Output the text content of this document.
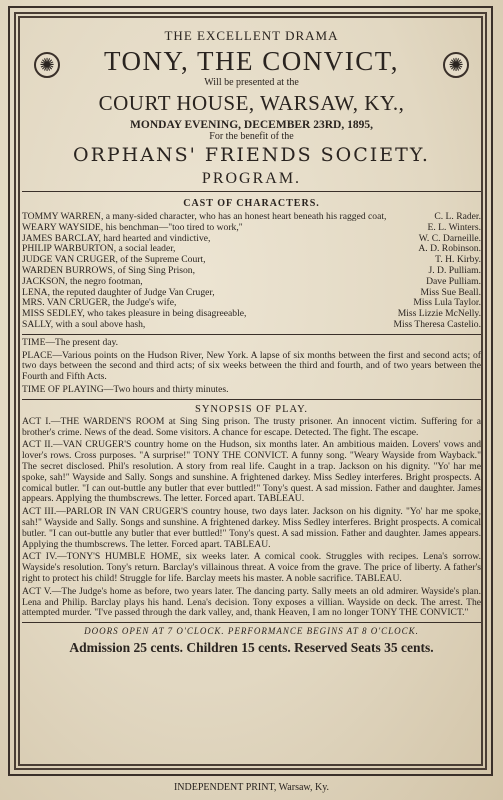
✺	✺
THE EXCELLENT DRAMA
TONY, THE CONVICT,
Will be presented at the
COURT HOUSE, WARSAW, KY.,
MONDAY EVENING, DECEMBER 23RD, 1895,
For the benefit of the
ORPHANS' FRIENDS SOCIETY.
PROGRAM.
CAST OF CHARACTERS.
TOMMY WARREN, a many-sided character, who has an honest heart beneath his ragged coat,	C. L. Rader.
WEARY WAYSIDE, his benchman—"too tired to work,"	E. L. Winters.
JAMES BARCLAY, hard hearted and vindictive,	W. C. Darneille.
PHILIP WARBURTON, a social leader,	A. D. Robinson.
JUDGE VAN CRUGER, of the Supreme Court,	T. H. Kirby.
WARDEN BURROWS, of Sing Sing Prison,	J. D. Pulliam.
JACKSON, the negro footman,	Dave Pulliam.
LENA, the reputed daughter of Judge Van Cruger,	Miss Sue Beall.
MRS. VAN CRUGER, the Judge's wife,	Miss Lula Taylor.
MISS SEDLEY, who takes pleasure in being disagreeable,	Miss Lizzie McNelly.
SALLY, with a soul above hash,	Miss Theresa Castelio.
TIME—The present day.
PLACE—Various points on the Hudson River, New York. A lapse of six months between the first and second acts; of two days between the second and third acts; of six weeks between the third and fourth, and of two years between the Fourth and Fifth Acts.
TIME OF PLAYING—Two hours and thirty minutes.
SYNOPSIS OF PLAY.
ACT I.—THE WARDEN'S ROOM at Sing Sing prison. The trusty prisoner. An innocent victim. Suffering for a brother's crime. News of the dead. Some visitors. A chance for escape. Detected. The fight. The escape.
ACT II.—VAN CRUGER'S country home on the Hudson, six months later. An ambitious maiden. Lovers' vows and lover's rows. Cross purposes. "A surprise!" TONY THE CONVICT. A funny song. "Weary Wayside from Wayback." The secret disclosed. Phil's resolution. A story from real life. Caught in a trap. Jackson on his dignity. "Yo' har me spoke, sah!" Wayside and Sally. Songs and sunshine. A frightened darkey. Miss Sedley interferes. Bright prospects. A comical butler. "I can out-buttle any butler that ever buttled!" Tony's quest. A sad mission. Father and daughter. James appears. Applying the thumbscrews. The letter. Forced apart. TABLEAU.
ACT III.—PARLOR IN VAN CRUGER'S country house, two days later. Jackson on his dignity. "Yo' har me spoke, sah!" Wayside and Sally. Songs and sunshine. A frightened darkey. Miss Sedley interferes. Bright prospects. A comical butler. "I can out-buttle any butler that ever buttled!" Tony's quest. A sad mission. Father and daughter. James appears. Applying the thumbscrews. The letter. Forced apart. TABLEAU.
ACT IV.—TONY'S HUMBLE HOME, six weeks later. A comical cook. Struggles with recipes. Lena's sorrow. Wayside's resolution. Tony's return. Barclay's villainous threat. A voice from the grave. The price of liberty. A father's right to protect his child! Struggle for life. Barclay meets his master. A noble sacrifice. TABLEAU.
ACT V.—The Judge's home as before, two years later. The dancing party. Sally meets an old admirer. Wayside's plan. Lena and Philip. Barclay plays his hand. Lena's decision. Tony exposes a villian. Wayside on deck. The arrest. The attempted murder. "I've passed through the dark valley, and, thank Heaven, I am no longer TONY THE CONVICT."
DOORS OPEN AT 7 O'CLOCK. PERFORMANCE BEGINS AT 8 O'CLOCK.
Admission 25 cents. Children 15 cents. Reserved Seats 35 cents.
INDEPENDENT PRINT, Warsaw, Ky.
